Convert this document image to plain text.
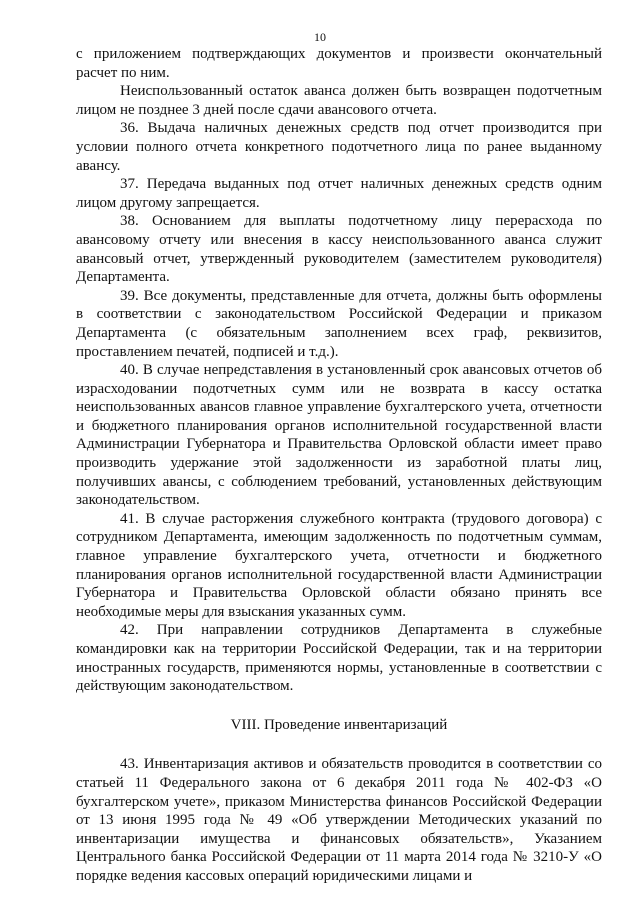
10

с приложением подтверждающих документов и произвести окончательный расчет по ним.

Неиспользованный остаток аванса должен быть возвращен подотчетным лицом не позднее 3 дней после сдачи авансового отчета.

36. Выдача наличных денежных средств под отчет производится при условии полного отчета конкретного подотчетного лица по ранее выданному авансу.

37. Передача выданных под отчет наличных денежных средств одним лицом другому запрещается.

38. Основанием для выплаты подотчетному лицу перерасхода по авансовому отчету или внесения в кассу неиспользованного аванса служит авансовый отчет, утвержденный руководителем (заместителем руководителя) Департамента.

39. Все документы, представленные для отчета, должны быть оформлены в соответствии с законодательством Российской Федерации и приказом Департамента (с обязательным заполнением всех граф, реквизитов, проставлением печатей, подписей и т.д.).

40. В случае непредставления в установленный срок авансовых отчетов об израсходовании подотчетных сумм или не возврата в кассу остатка неиспользованных авансов главное управление бухгалтерского учета, отчетности и бюджетного планирования органов исполнительной государственной власти Администрации Губернатора и Правительства Орловской области имеет право производить удержание этой задолженности из заработной платы лиц, получивших авансы, с соблюдением требований, установленных действующим законодательством.

41. В случае расторжения служебного контракта (трудового договора) с сотрудником Департамента, имеющим задолженность по подотчетным суммам, главное управление бухгалтерского учета, отчетности и бюджетного планирования органов исполнительной государственной власти Администрации Губернатора и Правительства Орловской области обязано принять все необходимые меры для взыскания указанных сумм.

42. При направлении сотрудников Департамента в служебные командировки как на территории Российской Федерации, так и на территории иностранных государств, применяются нормы, установленные в соответствии с действующим законодательством.

VIII. Проведение инвентаризаций

43. Инвентаризация активов и обязательств проводится в соответствии со статьей 11 Федерального закона от 6 декабря 2011 года № 402-ФЗ «О бухгалтерском учете», приказом Министерства финансов Российской Федерации от 13 июня 1995 года № 49 «Об утверждении Методических указаний по инвентаризации имущества и финансовых обязательств», Указанием Центрального банка Российской Федерации от 11 марта 2014 года № 3210-У «О порядке ведения кассовых операций юридическими лицами и
